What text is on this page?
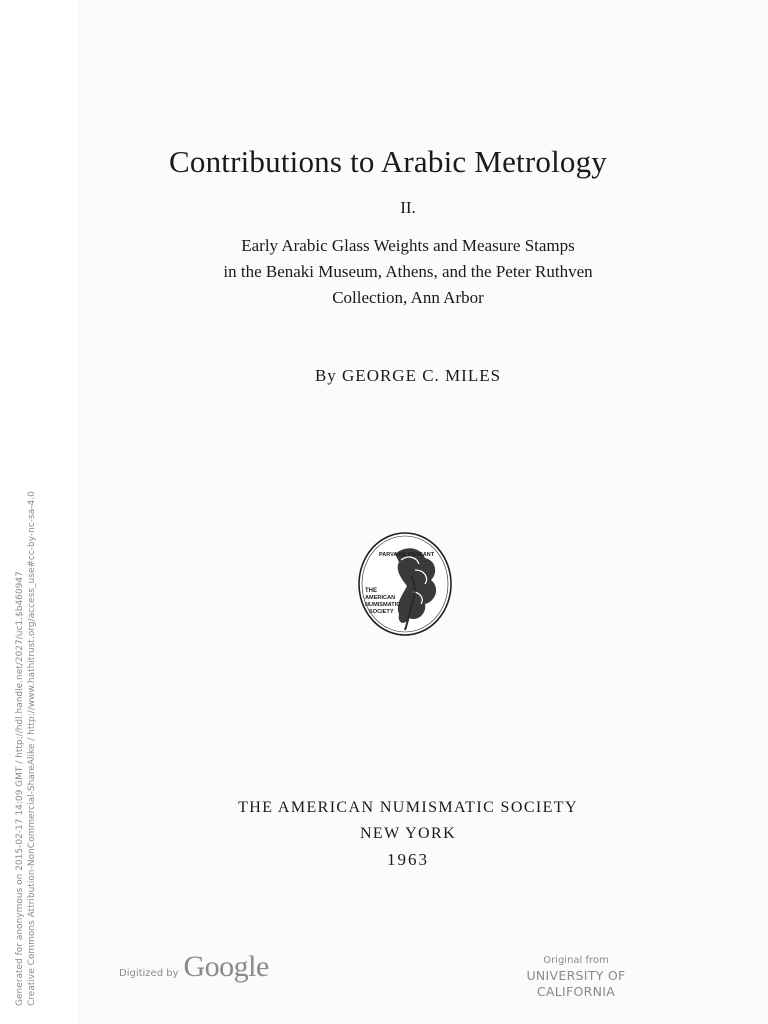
Contributions to Arabic Metrology
II.
Early Arabic Glass Weights and Measure Stamps
in the Benaki Museum, Athens, and the Peter Ruthven
Collection, Ann Arbor
By GEORGE C. MILES
PARVA NE PEREANT
THE
AMERICAN
NUMISMATIC
SOCIETY
THE AMERICAN NUMISMATIC SOCIETY
NEW YORK
1963
Generated for anonymous on 2015-02-17 14:09 GMT / http://hdl.handle.net/2027/uc1.$b460947 Creative Commons Attribution-NonCommercial-ShareAlike / http://www.hathitrust.org/access_use#cc-by-nc-sa-4.0	Digitized by Google	Original from
UNIVERSITY OF CALIFORNIA
